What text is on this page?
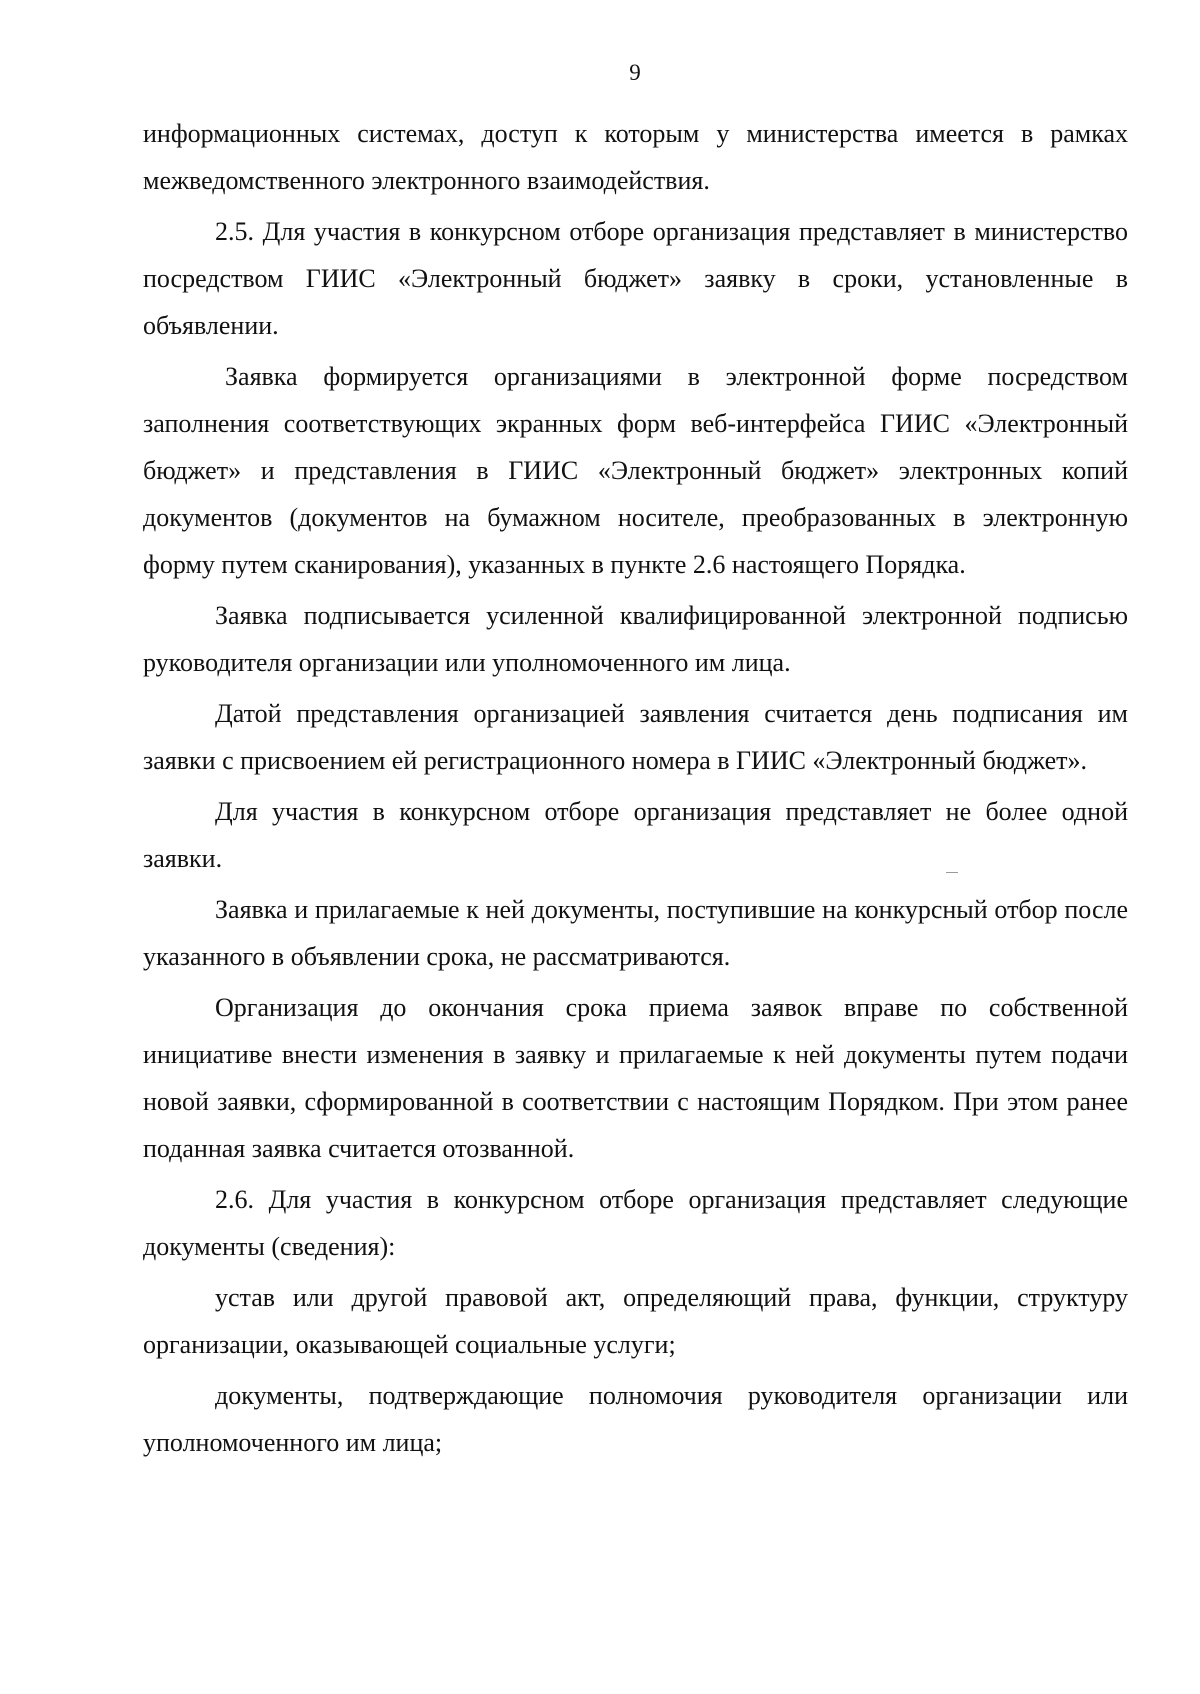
9

информационных системах, доступ к которым у министерства имеется в рамках межведомственного электронного взаимодействия.

2.5. Для участия в конкурсном отборе организация представляет в министерство посредством ГИИС «Электронный бюджет» заявку в сроки, установленные в объявлении.

Заявка формируется организациями в электронной форме посредством заполнения соответствующих экранных форм веб-интерфейса ГИИС «Электронный бюджет» и представления в ГИИС «Электронный бюджет» электронных копий документов (документов на бумажном носителе, преобразованных в электронную форму путем сканирования), указанных в пункте 2.6 настоящего Порядка.

Заявка подписывается усиленной квалифицированной электронной подписью руководителя организации или уполномоченного им лица.

Датой представления организацией заявления считается день подписания им заявки с присвоением ей регистрационного номера в ГИИС «Электронный бюджет».

Для участия в конкурсном отборе организация представляет не более одной заявки.

Заявка и прилагаемые к ней документы, поступившие на конкурсный отбор после указанного в объявлении срока, не рассматриваются.

Организация до окончания срока приема заявок вправе по собственной инициативе внести изменения в заявку и прилагаемые к ней документы путем подачи новой заявки, сформированной в соответствии с настоящим Порядком. При этом ранее поданная заявка считается отозванной.

2.6. Для участия в конкурсном отборе организация представляет следующие документы (сведения):

устав или другой правовой акт, определяющий права, функции, структуру организации, оказывающей социальные услуги;

документы, подтверждающие полномочия руководителя организации или уполномоченного им лица;
